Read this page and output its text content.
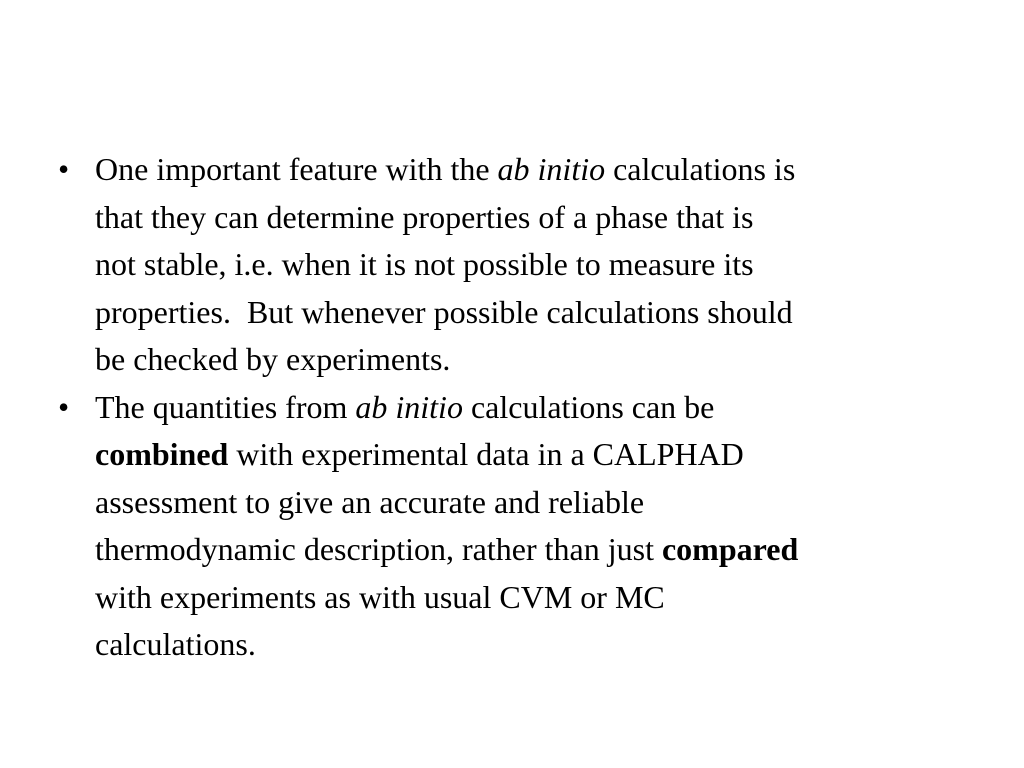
• One important feature with the ab initio calculations is
that they can determine properties of a phase that is
not stable, i.e. when it is not possible to measure its
properties.  But whenever possible calculations should
be checked by experiments.
• The quantities from ab initio calculations can be
combined with experimental data in a CALPHAD
assessment to give an accurate and reliable
thermodynamic description, rather than just compared
with experiments as with usual CVM or MC
calculations.
